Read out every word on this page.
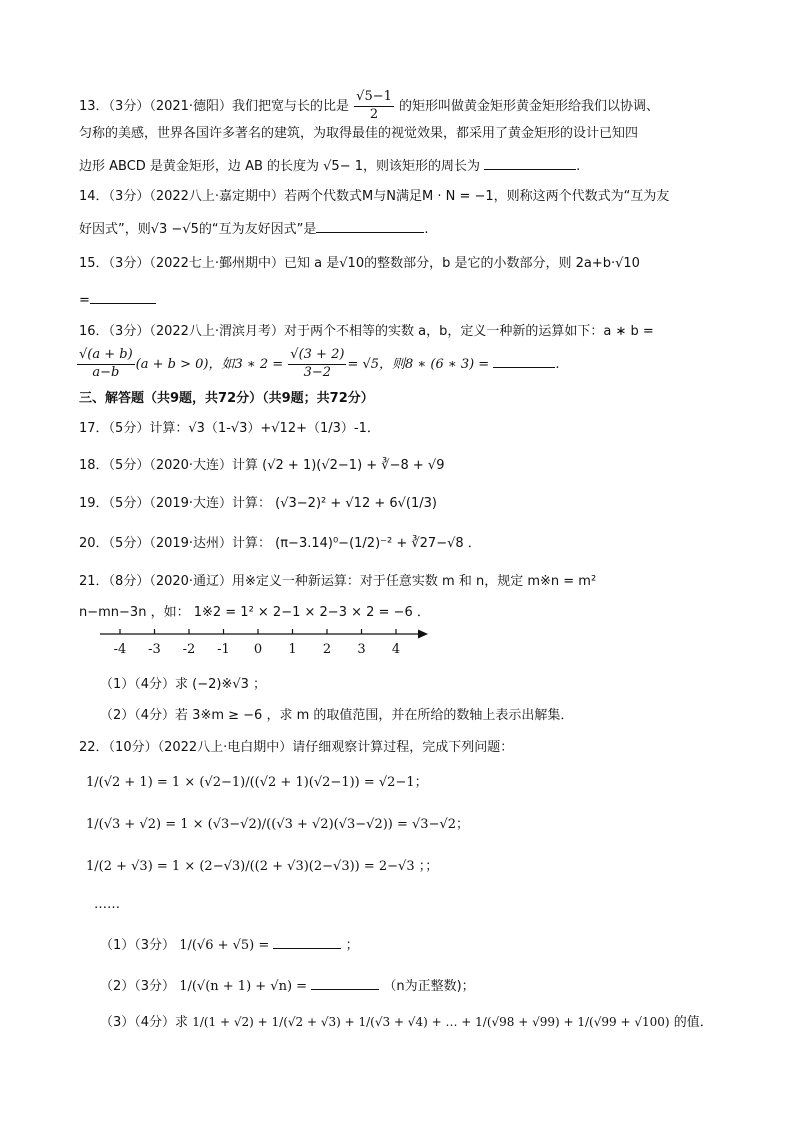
13．（3分）（2021·德阳）我们把宽与长的比是 $\frac{√5-1}{2}$ 的矩形叫做黄金矩形黄金矩形给我们以协调、
匀称的美感，世界各国许多著名的建筑，为取得最佳的视觉效果，都采用了黄金矩形的设计已知四
边形 ABCD 是黄金矩形，边 AB 的长度为 √5− 1，则该矩形的周长为	.
14．（3分）（2022八上·嘉定期中）若两个代数式M与N满足M · N = −1，则称这两个代数式为“互为友
好因式”，则√3 −√5的“互为友好因式”是	.
15．（3分）（2022七上·鄞州期中）已知 a 是√10的整数部分，b 是它的小数部分，则 2a+b·√10
=
16．（3分）（2022八上·渭滨月考）对于两个不相等的实数 a，b，定义一种新的运算如下：a ∗ b =
$\frac{√(a + b)}{a-b} (a + b > 0)$，如3 ∗ $2 = \frac{√(3 + 2)}{3-2} = √5$，则8 ∗ (6 ∗ 3) =	.
三、解答题（共9题，共72分）（共9题；共72分）
17．（5分）计算：√3（1-√3）+√12+（1/3）-1．
18．（5分）（2020·大连）计算 (√2 + 1)(√2−1) + ∛−8 + √9
19．（5分）（2019·大连）计算： (√3−2)² + √12 + 6√(1/3)
20．（5分）（2019·达州）计算： (π−3.14)⁰−(1/2)⁻² + ∛27−√8 ．
21．（8分）（2020·通辽）用※定义一种新运算：对于任意实数 m 和 n，规定 m※n = m²
n−mn−3n ，如： 1※2 = 1² × 2−1 × 2−3 × 2 = −6 ．
-4 -3 -2 -1 0 1 2 3 4
（1）（4分）求 (−2)※√3 ；
（2）（4分）若 3※m ≥ −6 ，求 m 的取值范围，并在所给的数轴上表示出解集．
22．（10分）（2022八上·电白期中）请仔细观察计算过程，完成下列问题：
1/(√2 + 1) = 1 × (√2−1)/((√2 + 1)(√2−1)) = √2−1；
1/(√3 + √2) = 1 × (√3−√2)/((√3 + √2)(√3−√2)) = √3−√2；
1/(2 + √3) = 1 × (2−√3)/((2 + √3)(2−√3)) = 2−√3 ；；
……
（1）（3分） 1/(√6 + √5) =	；
（2）（3分） 1/(√(n + 1) + √n) =	（n为正整数)；
（3）（4分）求 1/(1 + √2) + 1/(√2 + √3) + 1/(√3 + √4) + … + 1/(√98 + √99) + 1/(√99 + √100) 的值．
